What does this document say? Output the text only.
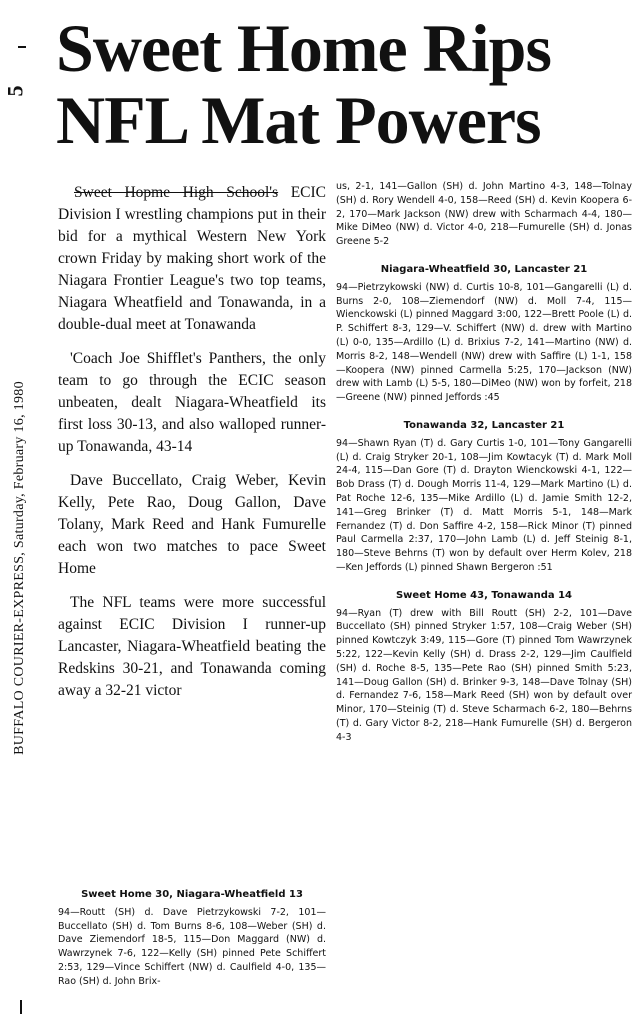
5
BUFFALO COURIER-EXPRESS, Saturday, February 16, 1980
Sweet Home Rips
NFL Mat Powers

Sweet Hopme High School's ECIC Division I wrestling champions put in their bid for a mythical Western New York crown Friday by making short work of the Niagara Frontier League's two top teams, Niagara Wheatfield and Tonawanda, in a double-dual meet at Tonawanda

'Coach Joe Shifflet's Panthers, the only team to go through the ECIC season unbeaten, dealt Niagara-Wheatfield its first loss 30-13, and also walloped runner-up Tonawanda, 43-14

Dave Buccellato, Craig Weber, Kevin Kelly, Pete Rao, Doug Gallon, Dave Tolany, Mark Reed and Hank Fumurelle each won two matches to pace Sweet Home

The NFL teams were more successful against ECIC Division I runner-up Lancaster, Niagara-Wheatfield beating the Redskins 30-21, and Tonawanda coming away a 32-21 victor

us, 2-1, 141—Gallon (SH) d. John Martino 4-3, 148—Tolnay (SH) d. Rory Wendell 4-0, 158—Reed (SH) d. Kevin Koopera 6-2, 170—Mark Jackson (NW) drew with Scharmach 4-4, 180—Mike DiMeo (NW) d. Victor 4-0, 218—Fumurelle (SH) d. Jonas Greene 5-2

Niagara-Wheatfield 30, Lancaster 21

94—Pietrzykowski (NW) d. Curtis 10-8, 101—Gangarelli (L) d. Burns 2-0, 108—Ziemendorf (NW) d. Moll 7-4, 115—Wienckowski (L) pinned Maggard 3:00, 122—Brett Poole (L) d. P. Schiffert 8-3, 129—V. Schiffert (NW) d. drew with Martino (L) 0-0, 135—Ardillo (L) d. Brixius 7-2, 141—Martino (NW) d. Morris 8-2, 148—Wendell (NW) drew with Saffire (L) 1-1, 158—Koopera (NW) pinned Carmella 5:25, 170—Jackson (NW) drew with Lamb (L) 5-5, 180—DiMeo (NW) won by forfeit, 218—Greene (NW) pinned Jeffords :45

Tonawanda 32, Lancaster 21

94—Shawn Ryan (T) d. Gary Curtis 1-0, 101—Tony Gangarelli (L) d. Craig Stryker 20-1, 108—Jim Kowtacyk (T) d. Mark Moll 24-4, 115—Dan Gore (T) d. Drayton Wienckowski 4-1, 122—Bob Drass (T) d. Dough Morris 11-4, 129—Mark Martino (L) d. Pat Roche 12-6, 135—Mike Ardillo (L) d. Jamie Smith 12-2, 141—Greg Brinker (T) d. Matt Morris 5-1, 148—Mark Fernandez (T) d. Don Saffire 4-2, 158—Rick Minor (T) pinned Paul Carmella 2:37, 170—John Lamb (L) d. Jeff Steinig 8-1, 180—Steve Behrns (T) won by default over Herm Kolev, 218—Ken Jeffords (L) pinned Shawn Bergeron :51

Sweet Home 43, Tonawanda 14

94—Ryan (T) drew with Bill Routt (SH) 2-2, 101—Dave Buccellato (SH) pinned Stryker 1:57, 108—Craig Weber (SH) pinned Kowtczyk 3:49, 115—Gore (T) pinned Tom Wawrzynek 5:22, 122—Kevin Kelly (SH) d. Drass 2-2, 129—Jim Caulfield (SH) d. Roche 8-5, 135—Pete Rao (SH) pinned Smith 5:23, 141—Doug Gallon (SH) d. Brinker 9-3, 148—Dave Tolnay (SH) d. Fernandez 7-6, 158—Mark Reed (SH) won by default over Minor, 170—Steinig (T) d. Steve Scharmach 6-2, 180—Behrns (T) d. Gary Victor 8-2, 218—Hank Fumurelle (SH) d. Bergeron 4-3

Sweet Home 30, Niagara-Wheatfield 13

94—Routt (SH) d. Dave Pietrzykowski 7-2, 101—Buccellato (SH) d. Tom Burns 8-6, 108—Weber (SH) d. Dave Ziemendorf 18-5, 115—Don Maggard (NW) d. Wawrzynek 7-6, 122—Kelly (SH) pinned Pete Schiffert 2:53, 129—Vince Schiffert (NW) d. Caulfield 4-0, 135—Rao (SH) d. John Brix-
